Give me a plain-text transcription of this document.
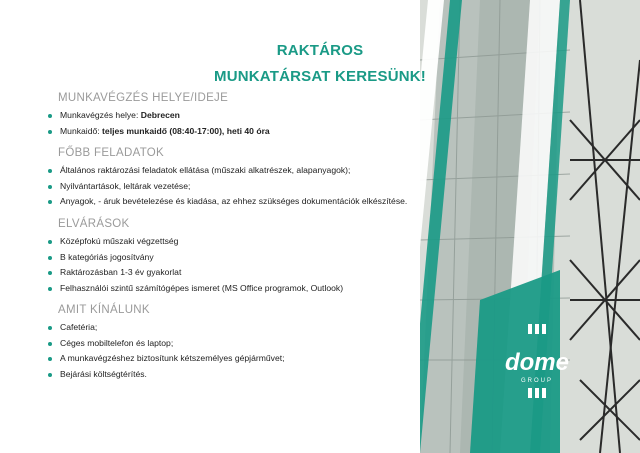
RAKTÁROS
MUNKATÁRSAT KERESÜNK!
MUNKAVÉGZÉS HELYE/IDEJE
Munkavégzés helye: Debrecen
Munkaidő: teljes munkaidő (08:40-17:00), heti 40 óra
FŐBB FELADATOK
Általános raktározási feladatok ellátása (műszaki alkatrészek, alapanyagok);
Nyilvántartások, leltárak vezetése;
Anyagok, - áruk bevételezése és kiadása, az ehhez szükséges dokumentációk elkészítése.
ELVÁRÁSOK
Középfokú műszaki végzettség
B kategóriás jogosítvány
Raktározásban 1-3 év gyakorlat
Felhasználói szintű számítógépes ismeret (MS Office programok, Outlook)
AMIT KÍNÁLUNK
Cafetéria;
Céges mobiltelefon és laptop;
A munkavégzéshez biztosítunk kétszemélyes gépjárművet;
Bejárási költségtérítés.	dome
GROUP
